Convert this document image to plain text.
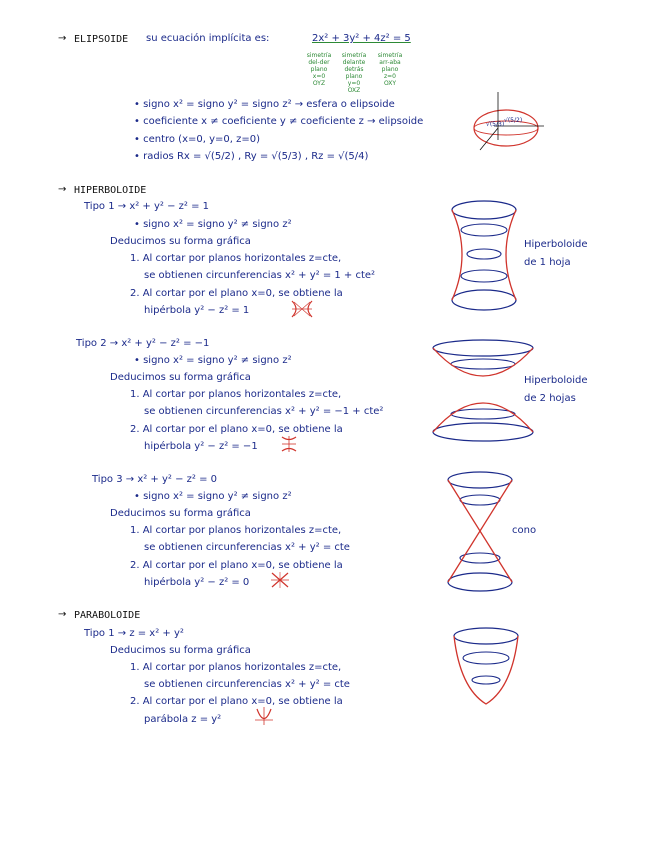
→ ELIPSOIDE su ecuación implícita es:	2x² + 3y² + 4z² = 5
simetría
del-der
plano
x=0
OYZ
simetría
delante
detrás
plano
y=0
OXZ
simetría
arr-aba
plano
z=0
OXY
• signo x² = signo y² = signo z² → esfera o elipsoide
• coeficiente x ≠ coeficiente y ≠ coeficiente z → elipsoide
• centro (x=0, y=0, z=0)
• radios Rx = √(5/2) , Ry = √(5/3) , Rz = √(5/4)
√(5/3)
√(5/2)
→ HIPERBOLOIDE
Tipo 1 → x² + y² − z² = 1
• signo x² = signo y² ≠ signo z²
Deducimos su forma gráfica
1. Al cortar por planos horizontales z=cte,
se obtienen circunferencias x² + y² = 1 + cte²
2. Al cortar por el plano x=0, se obtiene la
hipérbola y² − z² = 1
Hiperboloide
de 1 hoja
Tipo 2 → x² + y² − z² = −1
• signo x² = signo y² ≠ signo z²
Deducimos su forma gráfica
1. Al cortar por planos horizontales z=cte,
se obtienen circunferencias x² + y² = −1 + cte²
2. Al cortar por el plano x=0, se obtiene la
hipérbola y² − z² = −1
Hiperboloide
de 2 hojas
Tipo 3 → x² + y² − z² = 0
• signo x² = signo y² ≠ signo z²
Deducimos su forma gráfica
1. Al cortar por planos horizontales z=cte,
se obtienen circunferencias x² + y² = cte
2. Al cortar por el plano x=0, se obtiene la
hipérbola y² − z² = 0
cono
→ PARABOLOIDE
Tipo 1 → z = x² + y²
Deducimos su forma gráfica
1. Al cortar por planos horizontales z=cte,
se obtienen circunferencias x² + y² = cte
2. Al cortar por el plano x=0, se obtiene la
parábola z = y²
